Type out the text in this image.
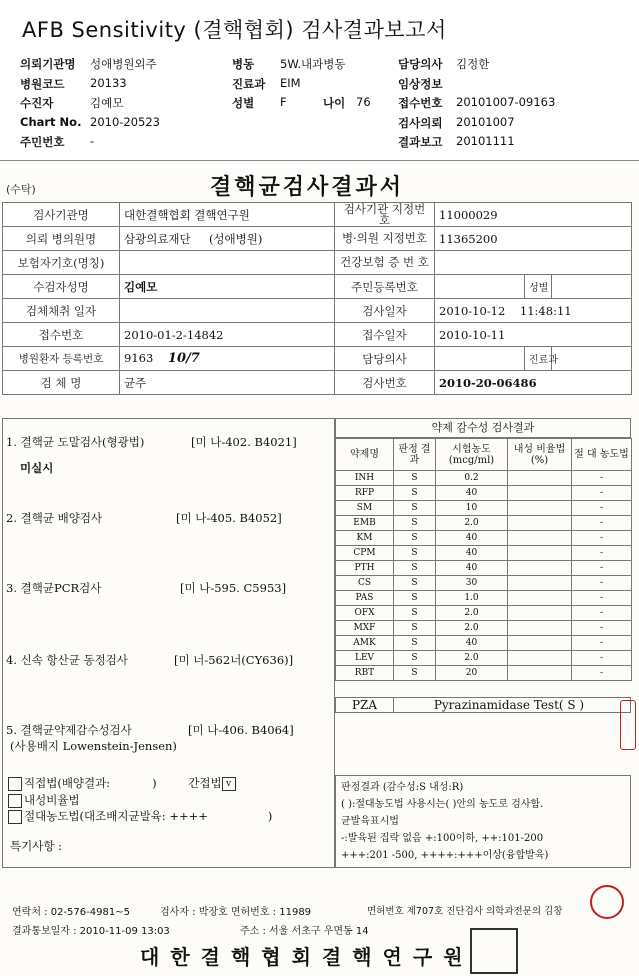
AFB Sensitivity (결핵협회) 검사결과보고서
의뢰기관명 성애병원외주
병원코드 20133
수진자	김예모
Chart No. 2010-20523
주민번호 -
병동 5W.내과병동
진료과 EIM
성별 F
담당의사 김정한
임상정보
접수번호 20101007-09163
검사의뢰 20101007
결과보고 20101111
나이 76
(수탁)	결핵균검사결과서
검사기관명	대한결핵협회 결핵연구원	검사기관 지정번호	11000029		
의뢰 병의원명	삼광의료재단 (성애병원)	병·의원 지정번호	11365200		
보험자기호(명칭)		건강보험 증 번 호			
수검자성명	김예모	주민등록번호		성별	
검체채취 일자		검사일자	2010-10-12    11:48:11		
접수번호	2010-01-2-14842	접수일자	2010-10-11		
병원환자 등록번호	9163 10/7	담당의사		진료과	
검 체 명	균주	검사번호	2010-20-06486		
1. 결핵균 도말검사(형광법)	[미 나-402. B4021]
미실시
2. 결핵균 배양검사	[미 나-405. B4052]
3. 결핵균PCR검사	[미 나-595. C5953]
4. 신속 항산균 동정검사	[미 너-562너(CY636)]
5. 결핵균약제감수성검사	[미 나-406. B4064]
(사용배지 Lowenstein-Jensen)
약제 감수성 검사결과
약제명	판정 결과	시험농도 (mcg/ml)	내성 비율법(%)	절 대 농도법
INH	S	0.2		-
RFP	S	40		-
SM	S	10		-
EMB	S	2.0		-
KM	S	40		-
CPM	S	40		-
PTH	S	40		-
CS	S	30		-
PAS	S	1.0		-
OFX	S	2.0		-
MXF	S	2.0		-
AMK	S	40		-
LEV	S	2.0		-
RBT	S	20		-
PZA	Pyrazinamidase Test( S )
직접법(배양결과:	)	간접법 v
내성비율법
절대농도법(대조배지균발육: ++++	)
특기사항 :
판정결과 (감수성:S 내성:R)
( ):절대농도법 사용시는( )안의 농도로 검사함.
균발육표시법
-:발육된 집락 없음 +:100이하, ++:101-200
+++:201 -500, ++++:+++이상(융합발육)
연락처 : 02-576-4981~5	검사자 : 박장호 면허번호 : 11989	면허번호 제707호 진단검사 의학과전문의 김창
결과통보일자 : 2010-11-09 13:03	주소 : 서울 서초구 우면동 14
대한결핵협회결핵연구원
